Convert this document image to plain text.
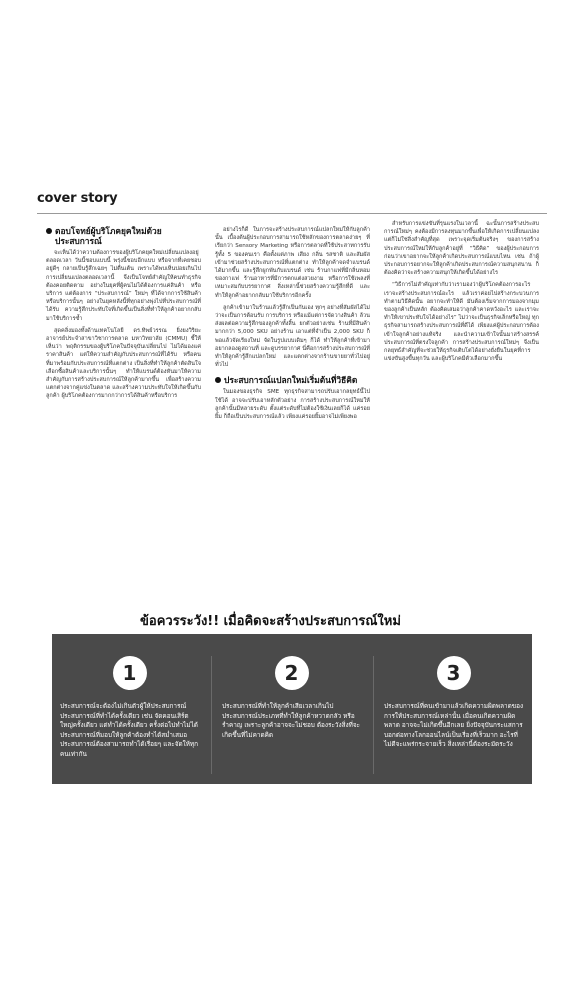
cover story
ตอบโจทย์ผู้บริโภคยุคใหม่ด้วยประสบการณ์

จะเห็นได้ว่าความต้องการของผู้บริโภคยุคใหม่เปลี่ยนแปลงอยู่ตลอดเวลา วันนี้ชอบแบบนี้ พรุ่งนี้ชอบอีกแบบ หรือจากที่เคยชอบอยู่ดีๆ กลายเป็นรู้สึกเฉยๆ ไม่ตื่นเต้น เพราะได้พบเห็นบ่อยเกินไป การเปลี่ยนแปลงตลอดเวลานี้ จึงเป็นโจทย์สำคัญให้คนทำธุรกิจต้องคอยติดตาม อย่างในยุคที่ผู้คนไม่ได้ต้องการแค่สินค้า หรือบริการ แต่ต้องการ “ประสบการณ์” ใหม่ๆ ที่ได้จากการใช้สินค้าหรือบริการนั้นๆ อย่างในยุคหลังนี้ที่ทุกอย่างพุ่งไปที่ประสบการณ์ที่ได้รับ ความรู้สึกประทับใจที่เกิดขึ้นเป็นสิ่งที่ทำให้ลูกค้าอยากกลับมาใช้บริการซ้ำ

สุดคลิ่งมองทั้งด้านเทคโนโลยี ดร.ทิพย์วรรณ ยิ่งยงวิริยะ อาจารย์ประจำสาขาวิชาการตลาด มหาวิทยาลัย (CMMU) ชี้ให้เห็นว่า พฤติกรรมของผู้บริโภคในปัจจุบันเปลี่ยนไป ไม่ได้มองแค่ราคาสินค้า แต่ให้ความสำคัญกับประสบการณ์ที่ได้รับ หรือคนที่มาพร้อมกับประสบการณ์ที่แตกต่าง เป็นสิ่งที่ทำให้ลูกค้าตัดสินใจเลือกซื้อสินค้าและบริการนั้นๆ ทำให้แบรนด์ต้องหันมาให้ความสำคัญกับการสร้างประสบการณ์ให้ลูกค้ามากขึ้น เพื่อสร้างความแตกต่างจากคู่แข่งในตลาด และสร้างความประทับใจให้เกิดขึ้นกับลูกค้า ผู้บริโภคต้องการมากกว่าการได้สินค้าหรือบริการ

อย่างไรก็ดี ในการจะสร้างประสบการณ์แปลกใหม่ให้กับลูกค้านั้น เบื้องต้นผู้ประกอบการสามารถใช้หลักของการตลาดง่ายๆ ที่เรียกว่า Sensory Marketing หรือการตลาดที่ใช้ประสาทการรับรู้ทั้ง 5 ของคนเรา คือตั้งแต่ภาพ เสียง กลิ่น รสชาติ และสัมผัส เข้ามาช่วยสร้างประสบการณ์ที่แตกต่าง ทำให้ลูกค้าจดจำแบรนด์ได้มากขึ้น และรู้สึกผูกพันกับแบรนด์ เช่น ร้านกาแฟที่มีกลิ่นหอมของกาแฟ ร้านอาหารที่มีการตกแต่งสวยงาม หรือการใช้เพลงที่เหมาะสมกับบรรยากาศ สิ่งเหล่านี้ช่วยสร้างความรู้สึกที่ดี และทำให้ลูกค้าอยากกลับมาใช้บริการอีกครั้ง

ลูกค้าเข้ามาในร้านแล้วรู้สึกเป็นกันเอง ทุกๆ อย่างที่สัมผัสได้ไม่ว่าจะเป็นการต้อนรับ การบริการ หรือแม้แต่การจัดวางสินค้า ล้วนส่งผลต่อความรู้สึกของลูกค้าทั้งสิ้น ยกตัวอย่างเช่น ร้านที่มีสินค้ามากกว่า 5,000 SKU อย่างร้าน เอาแต่ที่จำเป็น 2,000 SKU ก็พอแล้วจัดเรียงใหม่ จัดในรูปแบบเดิมๆ ก็ได้ ทำให้ลูกค้าที่เข้ามาอยากลองดูสถานที่ และดูบรรยากาศ นี่คือการสร้างประสบการณ์ที่ทำให้ลูกค้ารู้สึกแปลกใหม่ และแตกต่างจากร้านขายยาทั่วไปอยู่ทั่วไป

ประสบการณ์แปลกใหม่เริ่มต้นที่วิธีคิด

ในมองของธุรกิจ SME ทุกธุรกิจสามารถปรับเอากลยุทธ์นี้ไปใช้ได้ อาจจะปรับเอาหลักตัวอย่าง การสร้างประสบการณ์ใหม่ให้ลูกค้านั้นมีหลายระดับ ตั้งแต่ระดับที่ไม่ต้องใช้เงินเลยก็ได้ แค่รอยยิ้ม ก็ถือเป็นประสบการณ์แล้ว เพียงแค่รอยยิ้มอาจไม่เพียงพอ

สำหรับการแข่งขันที่รุนแรงในเวลานี้ ฉะนั้นการสร้างประสบการณ์ใหม่ๆ คงต้องมีการลงทุนมากขึ้นเพื่อให้เกิดการเปลี่ยนแปลง แต่ก็ไม่ใช่สิ่งสำคัญที่สุด เพราะจุดเริ่มต้นจริงๆ ของการสร้างประสบการณ์ใหม่ให้กับลูกค้าอยู่ที่ “วิธีคิด” ของผู้ประกอบการก่อนว่าเขาอยากจะให้ลูกค้าเกิดประสบการณ์แบบไหน เช่น ถ้าผู้ประกอบการอยากจะให้ลูกค้าเกิดประสบการณ์ความสนุกสนาน ก็ต้องคิดว่าจะสร้างความสนุกให้เกิดขึ้นได้อย่างไร

“วิธีการไม่สำคัญเท่ากับว่าเรามองว่าผู้บริโภคต้องการอะไร เราจะสร้างประสบการณ์อะไร แล้วเราค่อยไปสร้างกระบวนการทำตามวิธีคิดนั้น อยากจะทำให้ดี มันต้องเริ่มจากการมองจากมุมของลูกค้าเป็นหลัก ต้องคิดเสมอว่าลูกค้าคาดหวังอะไร และเราจะทำให้เขาประทับใจได้อย่างไร” ไม่ว่าจะเป็นธุรกิจเล็กหรือใหญ่ ทุกธุรกิจสามารถสร้างประสบการณ์ที่ดีได้ เพียงแค่ผู้ประกอบการต้องเข้าใจลูกค้าอย่างแท้จริง และนำความเข้าใจนั้นมาสร้างสรรค์ประสบการณ์ที่ตรงใจลูกค้า การสร้างประสบการณ์ใหม่ๆ จึงเป็นกลยุทธ์สำคัญที่จะช่วยให้ธุรกิจเติบโตได้อย่างยั่งยืนในยุคที่การแข่งขันสูงขึ้นทุกวัน และผู้บริโภคมีตัวเลือกมากขึ้น

ข้อควรระวัง!! เมื่อคิดจะสร้างประสบการณ์ใหม่
1
ประสบการณ์จะต้องไม่เกินตัวผู้ให้ประสบการณ์ ประสบการณ์ที่ทำได้ครั้งเดียว เช่น จัดคอนเสิร์ตใหญ่ครั้งเดียว แต่ทำได้ครั้งเดียว ครั้งต่อไปทำไม่ได้ ประสบการณ์ที่มอบให้ลูกค้าต้องทำได้สม่ำเสมอ ประสบการณ์ต้องสามารถทำได้เรื่อยๆ และจัดให้ทุกคนเท่ากัน
2
ประสบการณ์ที่ทำให้ลูกค้าเสียเวลาเกินไป ประสบการณ์ประเภทที่ทำให้ลูกค้าหวาดกลัว หรือรำคาญ เพราะลูกค้าอาจจะไม่ชอบ ต้องระวังสิ่งที่จะเกิดขึ้นที่ไม่คาดคิด
3
ประสบการณ์ที่คนเข้ามาแล้วเกิดความผิดพลาดของการให้ประสบการณ์เหล่านั้น เมื่อคนเกิดความผิดพลาด อาจจะไม่เกิดขึ้นอีกเลย ยิ่งปัจจุบันกระแสการบอกต่อทางโลกออนไลน์เป็นเรื่องที่เร็วมาก อะไรที่ไม่ดีจะแพร่กระจายเร็ว สิ่งเหล่านี้ต้องระมัดระวัง
